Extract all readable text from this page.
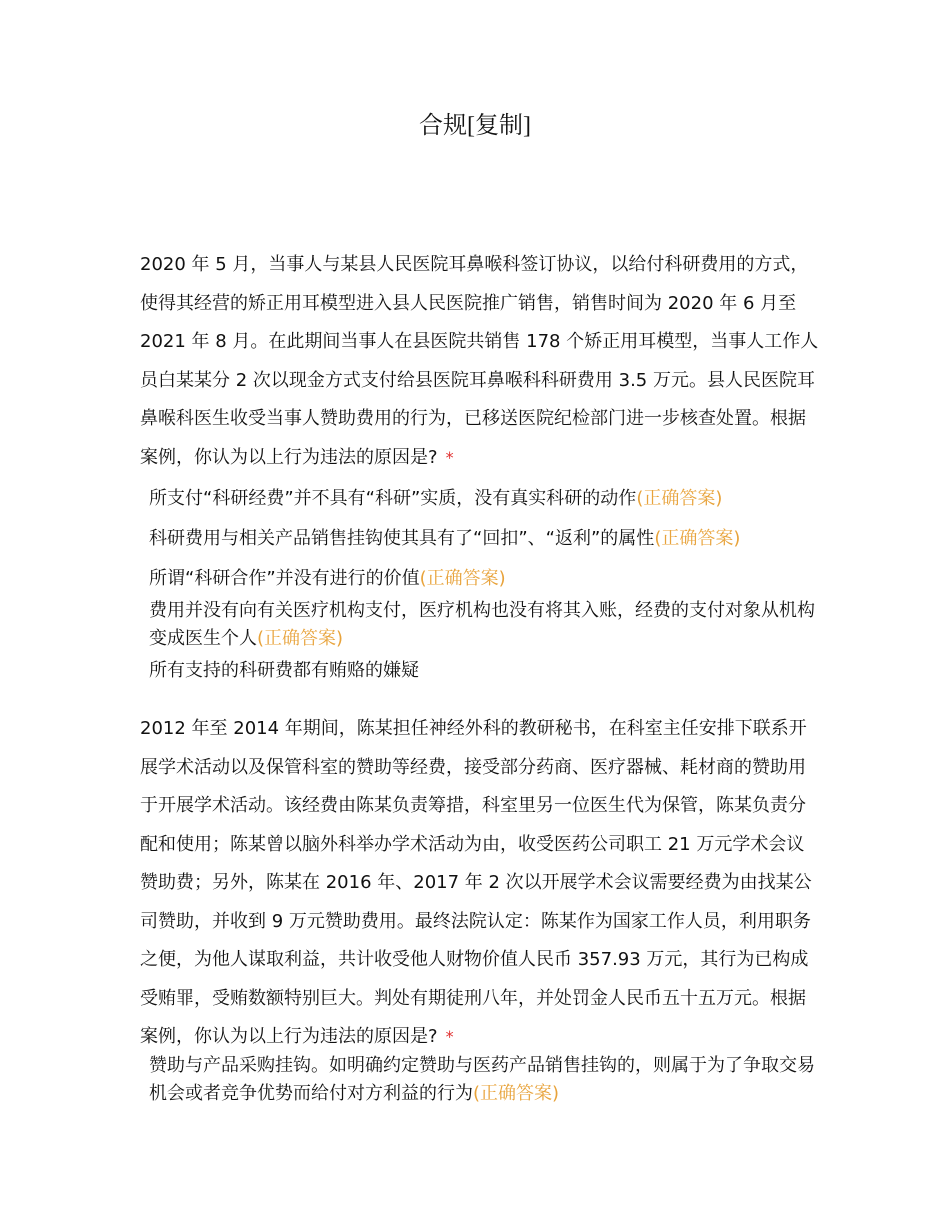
合规[复制]
2020 年 5 月，当事人与某县人民医院耳鼻喉科签订协议，以给付科研费用的方式，使得其经营的矫正用耳模型进入县人民医院推广销售，销售时间为 2020 年 6 月至 2021 年 8 月。在此期间当事人在县医院共销售 178 个矫正用耳模型，当事人工作人员白某某分 2 次以现金方式支付给县医院耳鼻喉科科研费用 3.5 万元。县人民医院耳鼻喉科医生收受当事人赞助费用的行为，已移送医院纪检部门进一步核查处置。根据案例，你认为以上行为违法的原因是? *
所支付“科研经费”并不具有“科研”实质，没有真实科研的动作(正确答案)
科研费用与相关产品销售挂钩使其具有了“回扣”、“返利”的属性(正确答案)
所谓“科研合作”并没有进行的价值(正确答案)
费用并没有向有关医疗机构支付，医疗机构也没有将其入账，经费的支付对象从机构变成医生个人(正确答案)
所有支持的科研费都有贿赂的嫌疑
2012 年至 2014 年期间，陈某担任神经外科的教研秘书，在科室主任安排下联系开展学术活动以及保管科室的赞助等经费，接受部分药商、医疗器械、耗材商的赞助用于开展学术活动。该经费由陈某负责筹措，科室里另一位医生代为保管，陈某负责分配和使用；陈某曾以脑外科举办学术活动为由，收受医药公司职工 21 万元学术会议赞助费；另外，陈某在 2016 年、2017 年 2 次以开展学术会议需要经费为由找某公司赞助，并收到 9 万元赞助费用。最终法院认定：陈某作为国家工作人员，利用职务之便，为他人谋取利益，共计收受他人财物价值人民币 357.93 万元，其行为已构成受贿罪，受贿数额特别巨大。判处有期徒刑八年，并处罚金人民币五十五万元。根据案例，你认为以上行为违法的原因是? *
赞助与产品采购挂钩。如明确约定赞助与医药产品销售挂钩的，则属于为了争取交易机会或者竞争优势而给付对方利益的行为(正确答案)
